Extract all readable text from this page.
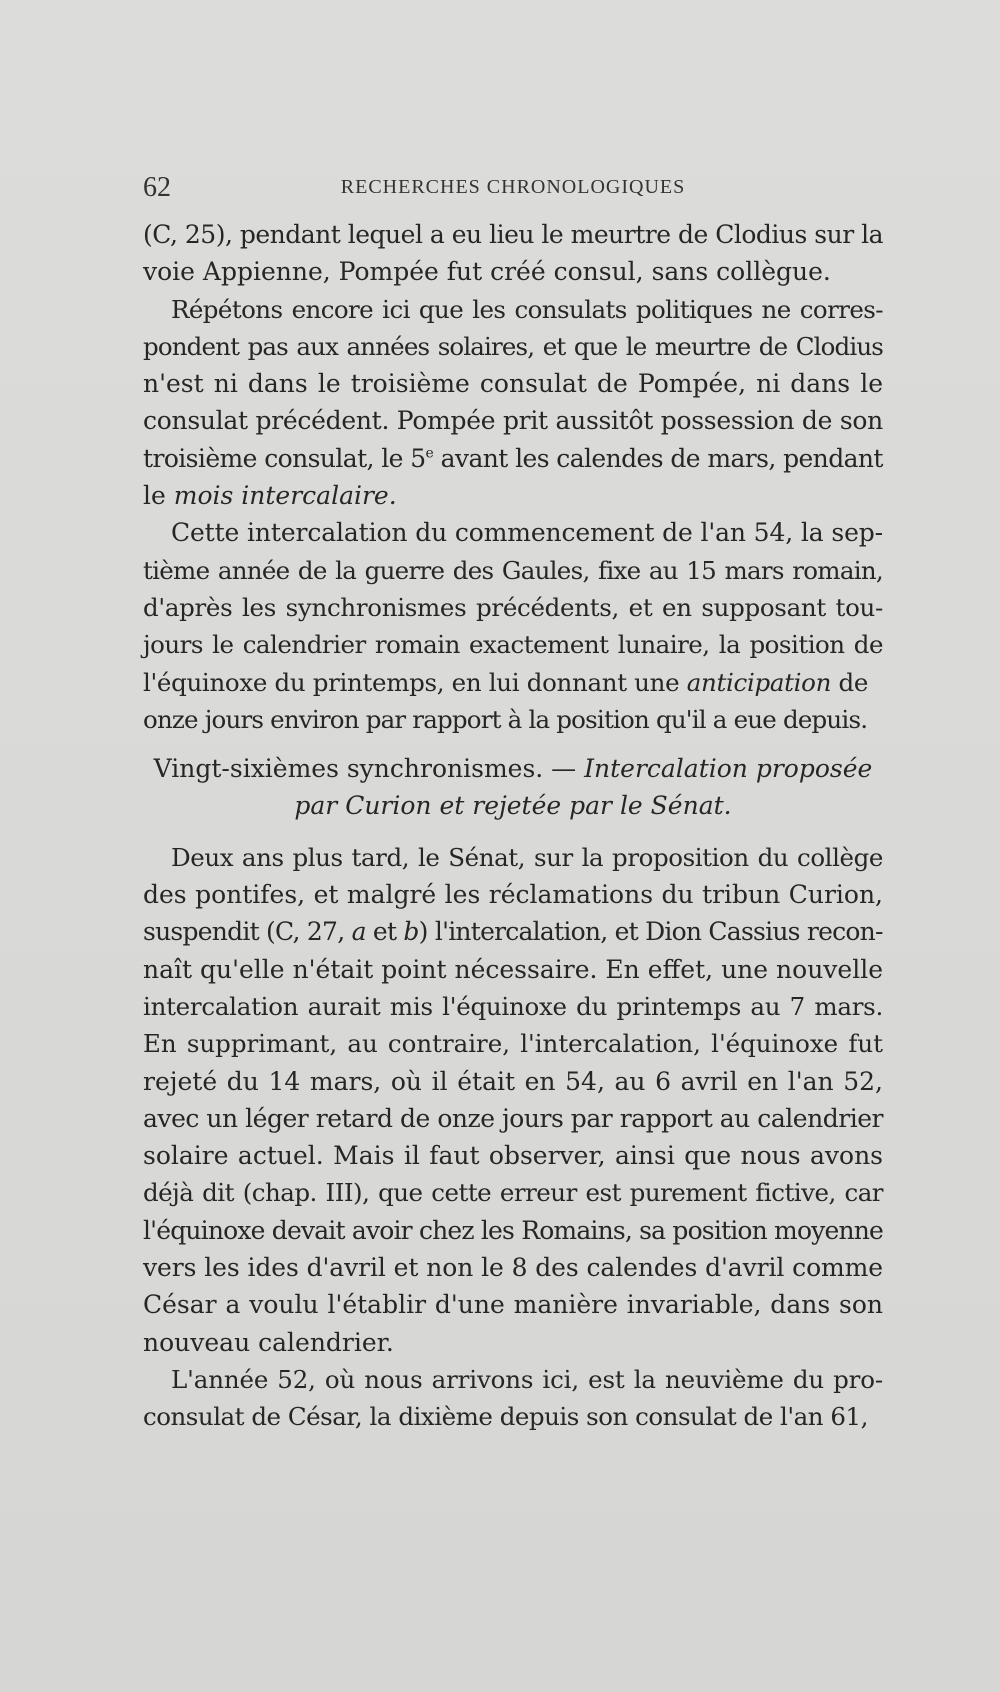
62	RECHERCHES CHRONOLOGIQUES
(C, 25), pendant lequel a eu lieu le meurtre de Clodius sur la
voie Appienne, Pompée fut créé consul, sans collègue.
Répétons encore ici que les consulats politiques ne corres-
pondent pas aux années solaires, et que le meurtre de Clodius
n'est ni dans le troisième consulat de Pompée, ni dans le
consulat précédent. Pompée prit aussitôt possession de son
troisième consulat, le 5e avant les calendes de mars, pendant
le mois intercalaire.
Cette intercalation du commencement de l'an 54, la sep-
tième année de la guerre des Gaules, fixe au 15 mars romain,
d'après les synchronismes précédents, et en supposant tou-
jours le calendrier romain exactement lunaire, la position de
l'équinoxe du printemps, en lui donnant une anticipation de
onze jours environ par rapport à la position qu'il a eue depuis.
Vingt-sixièmes synchronismes. — Intercalation proposée
par Curion et rejetée par le Sénat.
Deux ans plus tard, le Sénat, sur la proposition du collège
des pontifes, et malgré les réclamations du tribun Curion,
suspendit (C, 27, a et b) l'intercalation, et Dion Cassius recon-
naît qu'elle n'était point nécessaire. En effet, une nouvelle
intercalation aurait mis l'équinoxe du printemps au 7 mars.
En supprimant, au contraire, l'intercalation, l'équinoxe fut
rejeté du 14 mars, où il était en 54, au 6 avril en l'an 52,
avec un léger retard de onze jours par rapport au calendrier
solaire actuel. Mais il faut observer, ainsi que nous avons
déjà dit (chap. III), que cette erreur est purement fictive, car
l'équinoxe devait avoir chez les Romains, sa position moyenne
vers les ides d'avril et non le 8 des calendes d'avril comme
César a voulu l'établir d'une manière invariable, dans son
nouveau calendrier.
L'année 52, où nous arrivons ici, est la neuvième du pro-
consulat de César, la dixième depuis son consulat de l'an 61,
